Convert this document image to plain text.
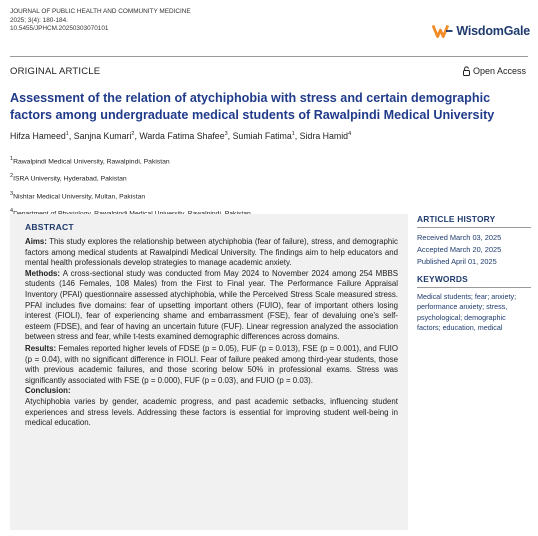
JOURNAL OF PUBLIC HEALTH AND COMMUNITY MEDICINE
2025; 3(4): 180-184.
10.5455/JPHCM.20250303070101	WisdomGale
ORIGINAL ARTICLE	Open Access
Assessment of the relation of atychiphobia with stress and certain demographic factors among undergraduate medical students of Rawalpindi Medical University
Hifza Hameed$^1$, Sanjna Kumari$^2$, Warda Fatima Shafee$^3$, Sumiah Fatima$^1$, Sidra Hamid$^4$
$^1$Rawalpindi Medical University, Rawalpindi, Pakistan
$^2$ISRA University, Hyderabad, Pakistan
$^3$Nishtar Medical University, Multan, Pakistan
$^4$
ABSTRACT

Aims: This study explores the relationship between atychiphobia (fear of failure), stress, and demographic factors among medical students at Rawalpindi Medical University. The findings aim to help educators and mental health professionals develop strategies to manage academic anxiety.

Methods: A cross-sectional study was conducted from May 2024 to November 2024 among 254 MBBS students (146 Females, 108 Males) from the First to Final year. The Performance Failure Appraisal Inventory (PFAI) questionnaire assessed atychiphobia, while the Perceived Stress Scale measured stress. PFAI includes five domains: fear of upsetting important others (FUIO), fear of important others losing interest (FIOLI), fear of experiencing shame and embarrassment (FSE), fear of devaluing one's self-esteem (FDSE), and fear of having an uncertain future (FUF). Linear regression analyzed the association between stress and fear, while t-tests examined demographic differences across domains.

Results: Females reported higher levels of FDSE (p = 0.05), FUF (p = 0.013), FSE (p = 0.001), and FUIO (p = 0.04), with no significant difference in FIOLI. Fear of failure peaked among third-year students, those with previous academic failures, and those scoring below 50% in professional exams. Stress was significantly associated with FSE (p = 0.000), FUF (p = 0.03), and FUIO (p = 0.03).

Conclusion:

Atychiphobia varies by gender, academic progress, and past academic setbacks, influencing student experiences and stress levels. Addressing these factors is essential for improving student well-being in medical education.

ARTICLE HISTORY
Received March 03, 2025
Accepted March 20, 2025
Published April 01, 2025
KEYWORDS
Medical students; fear; anxiety; performance anxiety; stress, psychological; demographic factors; education, medical
